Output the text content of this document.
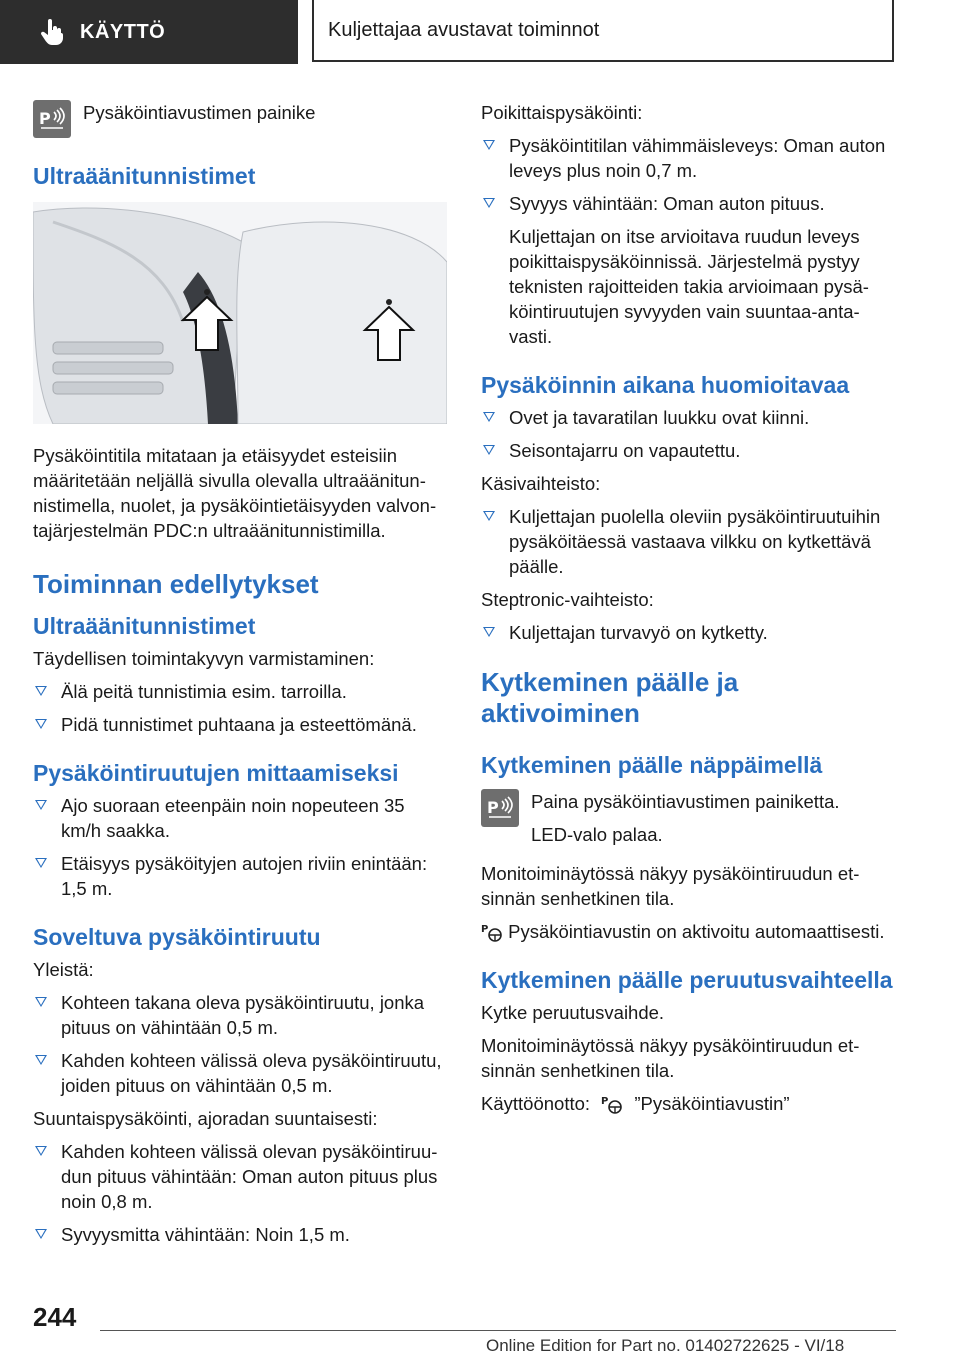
KÄYTTÖ	Kuljettajaa avustavat toiminnot
P Pysäköintiavustimen painike

Ultraäänitunnistimet

Pysäköintitila mitataan ja etäisyydet esteisiin määritetään neljällä sivulla olevalla ultraäänitunnistimella, nuolet, ja pysäköintietäisyyden valvontajärjestelmän PDC:n ultraäänitunnistimilla.

Toiminnan edellytykset
Ultraäänitunnistimet

Täydellisen toimintakyvyn varmistaminen:

Älä peitä tunnistimia esim. tarroilla.
Pidä tunnistimet puhtaana ja esteettömänä.
Pysäköintiruutujen mittaamiseksi
Ajo suoraan eteenpäin noin nopeuteen 35 km/h saakka.
Etäisyys pysäköityjen autojen riviin enintään: 1,5 m.
Soveltuva pysäköintiruutu

Yleistä:

Kohteen takana oleva pysäköintiruutu, jonka pituus on vähintään 0,5 m.
Kahden kohteen välissä oleva pysäköintiruutu, joiden pituus on vähintään 0,5 m.

Suuntaispysäköinti, ajoradan suuntaisesti:

Kahden kohteen välissä olevan pysäköintiruudun pituus vähintään: Oman auton pituus plus noin 0,8 m.
Syvyysmitta vähintään: Noin 1,5 m.

Poikittaispysäköinti:

Pysäköintitilan vähimmäisleveys: Oman auton leveys plus noin 0,7 m.
Syvyys vähintään: Oman auton pituus.

Kuljettajan on itse arvioitava ruudun leveys poikittaispysäköinnissä. Järjestelmä pystyy teknisten rajoitteiden takia arvioimaan pysäköintiruutujen syvyyden vain suuntaa-antavasti.

Pysäköinnin aikana huomioitavaa
Ovet ja tavaratilan luukku ovat kiinni.
Seisontajarru on vapautettu.

Käsivaihteisto:

Kuljettajan puolella oleviin pysäköintiruutuihin pysäköitäessä vastaava vilkku on kytkettävä päälle.

Steptronic-vaihteisto:

Kuljettajan turvavyö on kytketty.
Kytkeminen päälle ja aktivoiminen
Kytkeminen päälle näppäimellä
P Paina pysäköintiavustimen painiketta.

LED-valo palaa.

Monitoiminäytössä näkyy pysäköintiruudun etsinnän senhetkinen tila.

P Pysäköintiavustin on aktivoitu automaattisesti.

Kytkeminen päälle peruutusvaihteella

Kytke peruutusvaihde.

Monitoiminäytössä näkyy pysäköintiruudun etsinnän senhetkinen tila.

Käyttöönotto: P ”Pysäköintiavustin”

244
Online Edition for Part no. 01402722625 - VI/18
